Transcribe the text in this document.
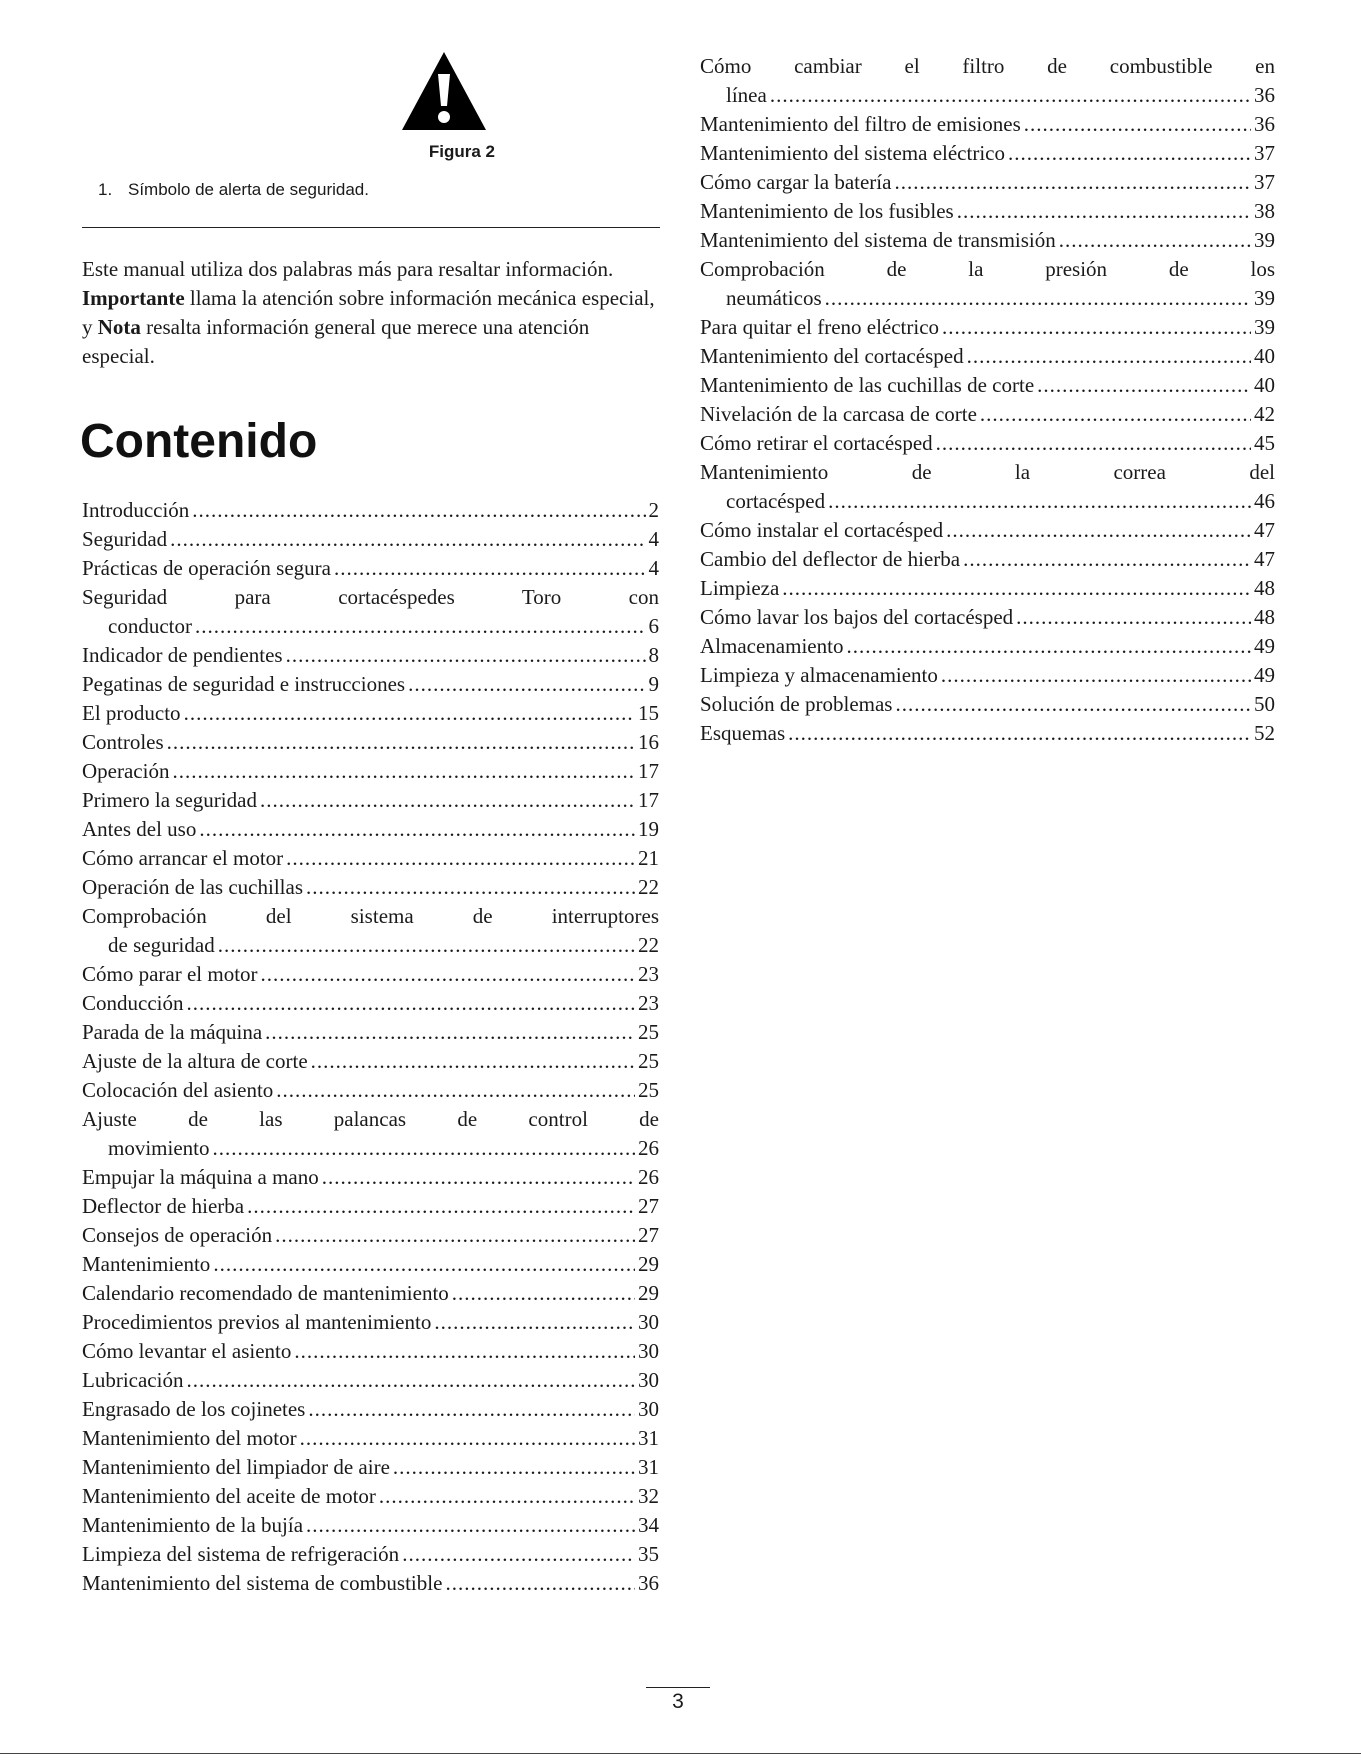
Figura 2
1. Símbolo de alerta de seguridad.

Este manual utiliza dos palabras más para resaltar información. Importante llama la atención sobre información mecánica especial, y Nota resalta información general que merece una atención especial.

Contenido
Introducción .....	2
Seguridad .....	4
Prácticas de operación segura .....	4
Seguridad para cortacéspedes Toro con
conductor .....	6
Indicador de pendientes .....	8
Pegatinas de seguridad e instrucciones .....	9
El producto .....	15
Controles .....	16
Operación .....	17
Primero la seguridad .....	17
Antes del uso .....	19
Cómo arrancar el motor .....	21
Operación de las cuchillas .....	22
Comprobación del sistema de interruptores
de seguridad .....	22
Cómo parar el motor .....	23
Conducción .....	23
Parada de la máquina .....	25
Ajuste de la altura de corte .....	25
Colocación del asiento .....	25
Ajuste de las palancas de control de
movimiento .....	26
Empujar la máquina a mano .....	26
Deflector de hierba .....	27
Consejos de operación .....	27
Mantenimiento .....	29
Calendario recomendado de mantenimiento .....	29
Procedimientos previos al mantenimiento .....	30
Cómo levantar el asiento .....	30
Lubricación .....	30
Engrasado de los cojinetes .....	30
Mantenimiento del motor .....	31
Mantenimiento del limpiador de aire .....	31
Mantenimiento del aceite de motor .....	32
Mantenimiento de la bujía .....	34
Limpieza del sistema de refrigeración .....	35
Mantenimiento del sistema de combustible .....	36
Cómo cambiar el filtro de combustible en
línea .....	36
Mantenimiento del filtro de emisiones .....	36
Mantenimiento del sistema eléctrico .....	37
Cómo cargar la batería .....	37
Mantenimiento de los fusibles .....	38
Mantenimiento del sistema de transmisión .....	39
Comprobación de la presión de los
neumáticos .....	39
Para quitar el freno eléctrico .....	39
Mantenimiento del cortacésped .....	40
Mantenimiento de las cuchillas de corte .....	40
Nivelación de la carcasa de corte .....	42
Cómo retirar el cortacésped .....	45
Mantenimiento de la correa del
cortacésped .....	46
Cómo instalar el cortacésped .....	47
Cambio del deflector de hierba .....	47
Limpieza .....	48
Cómo lavar los bajos del cortacésped .....	48
Almacenamiento .....	49
Limpieza y almacenamiento .....	49
Solución de problemas .....	50
Esquemas .....	52
3
